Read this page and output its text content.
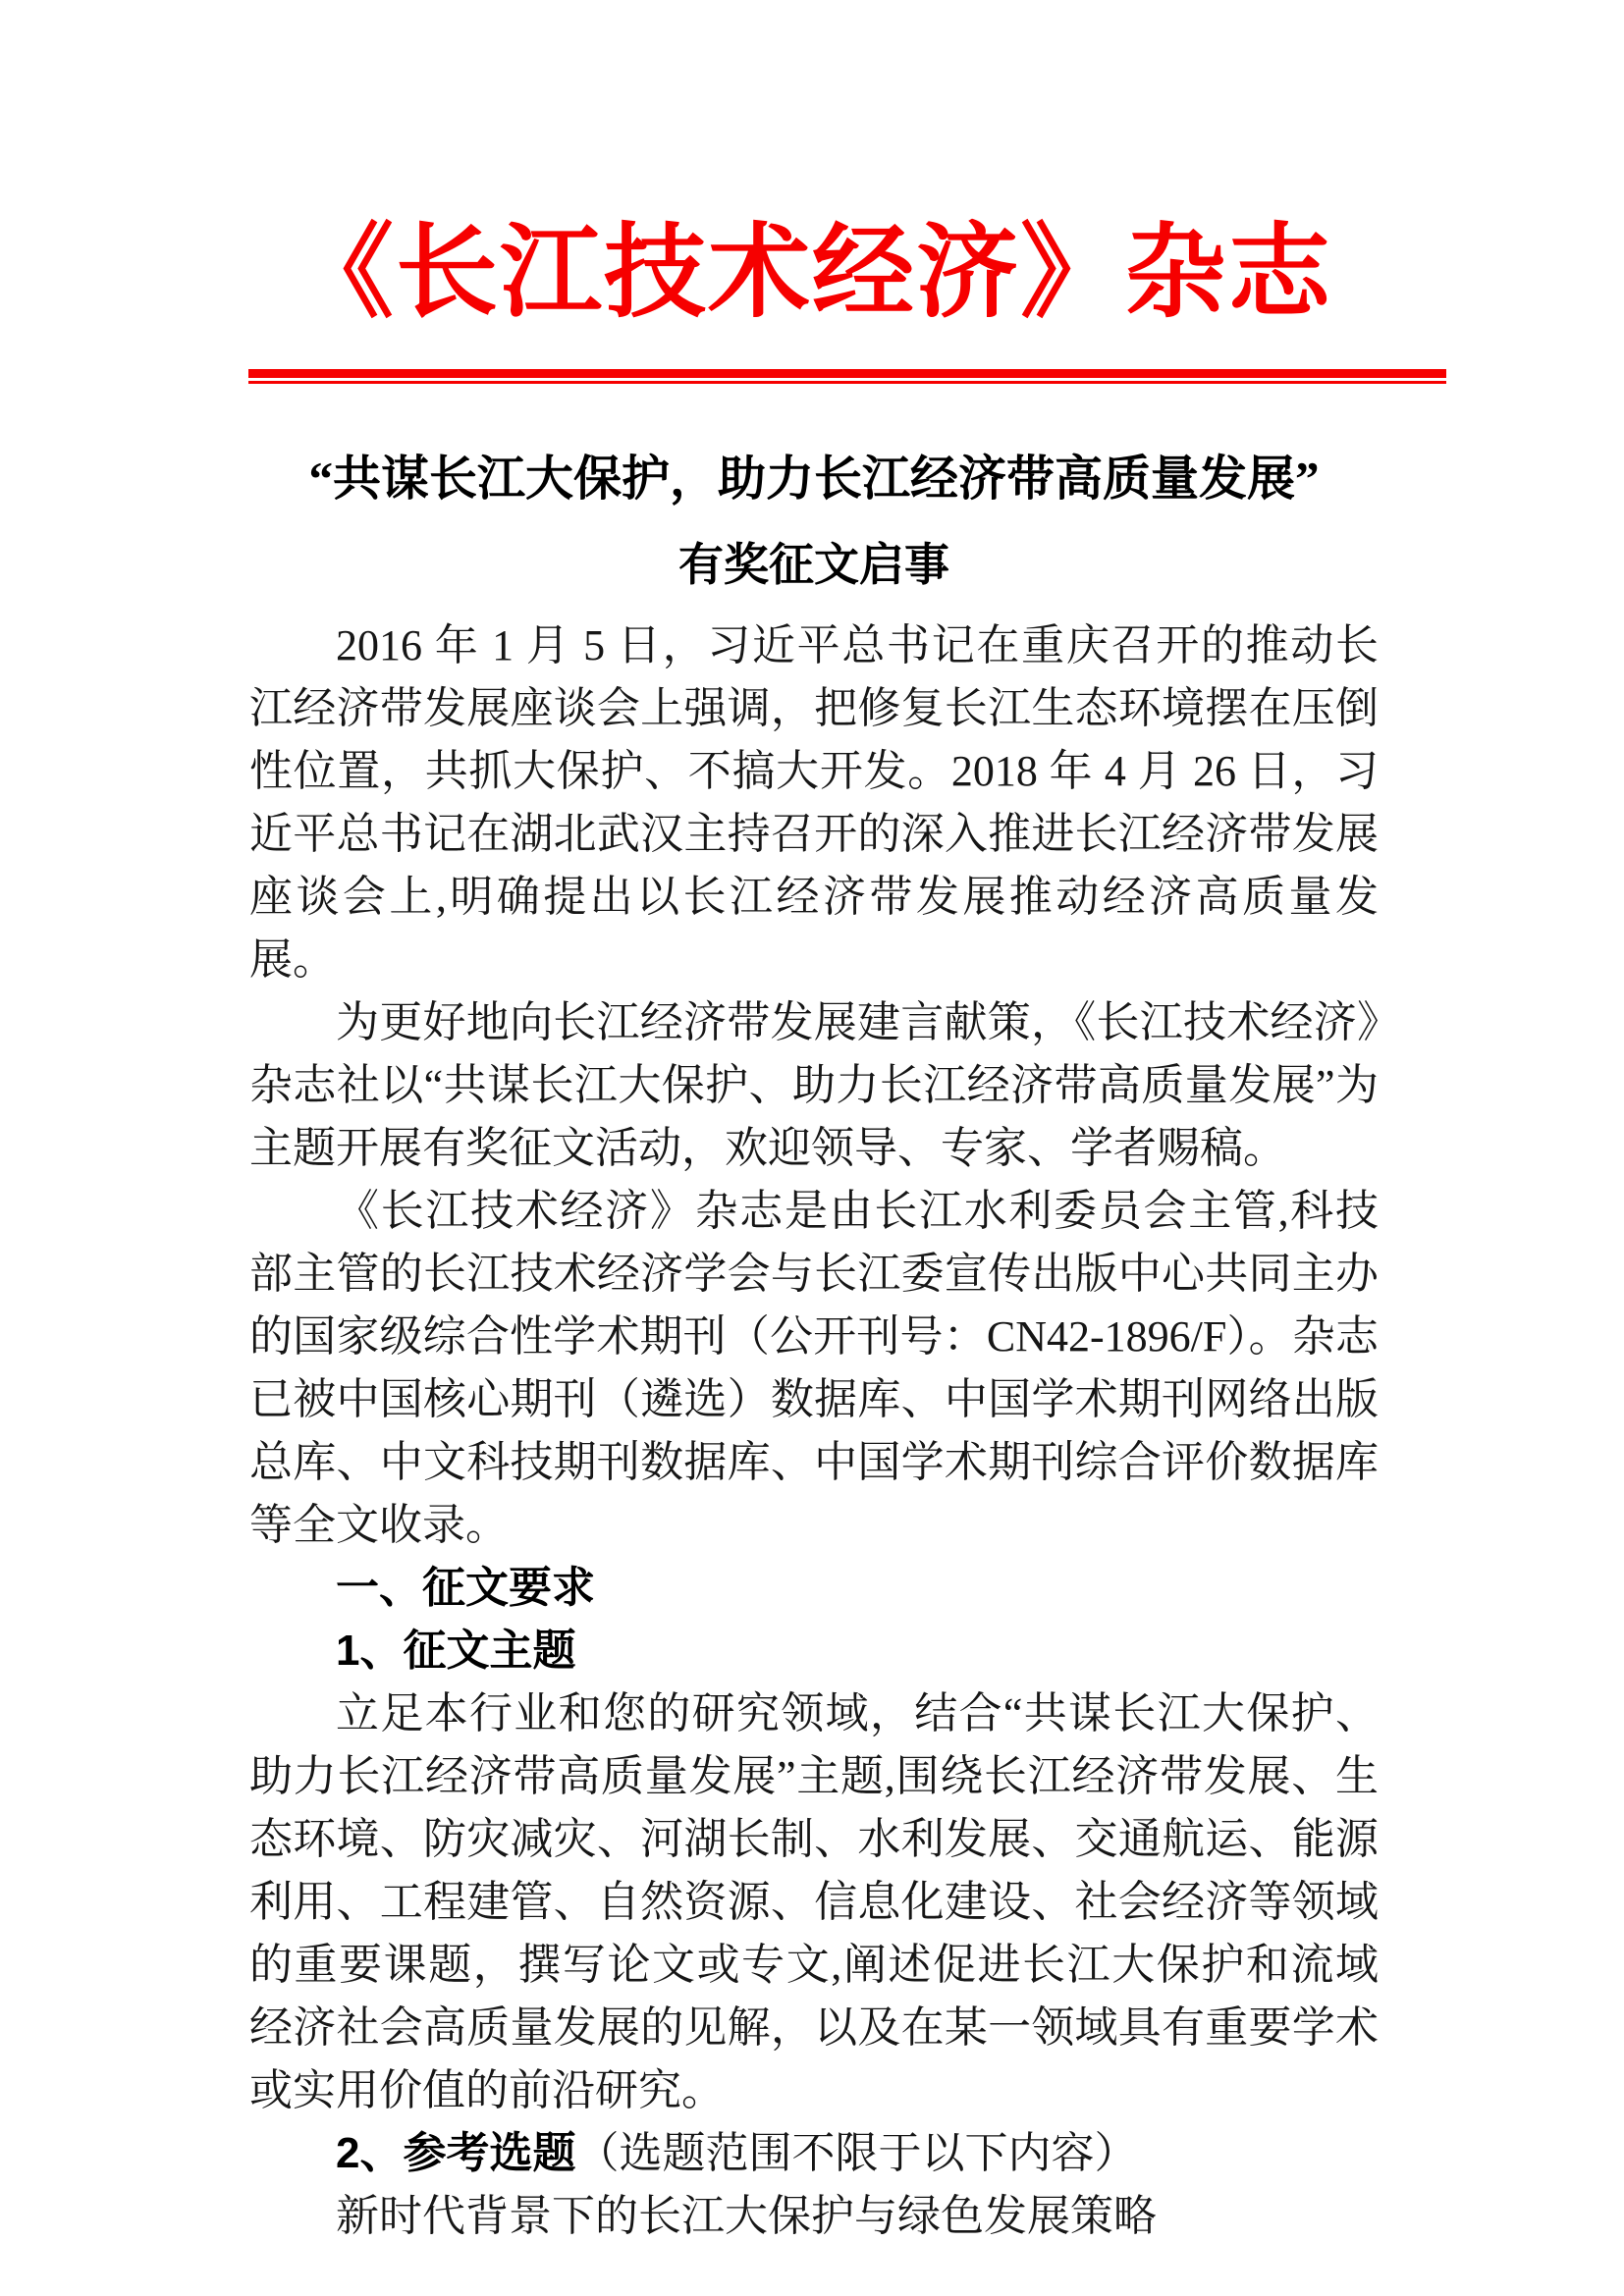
《长江技术经济》杂志
“共谋长江大保护，助力长江经济带高质量发展”
有奖征文启事

2016 年 1 月 5 日，习近平总书记在重庆召开的推动长江经济带发展座谈会上强调，把修复长江生态环境摆在压倒性位置，共抓大保护、不搞大开发。2018 年 4 月 26 日，习近平总书记在湖北武汉主持召开的深入推进长江经济带发展座谈会上,明确提出以长江经济带发展推动经济高质量发展。

为更好地向长江经济带发展建言献策，《长江技术经济》杂志社以“共谋长江大保护、助力长江经济带高质量发展”为主题开展有奖征文活动，欢迎领导、专家、学者赐稿。

《长江技术经济》杂志是由长江水利委员会主管,科技部主管的长江技术经济学会与长江委宣传出版中心共同主办的国家级综合性学术期刊（公开刊号：CN42-1896/F）。杂志已被中国核心期刊（遴选）数据库、中国学术期刊网络出版总库、中文科技期刊数据库、中国学术期刊综合评价数据库等全文收录。

一、征文要求
1、征文主题

立足本行业和您的研究领域，结合“共谋长江大保护、助力长江经济带高质量发展”主题,围绕长江经济带发展、生态环境、防灾减灾、河湖长制、水利发展、交通航运、能源利用、工程建管、自然资源、信息化建设、社会经济等领域的重要课题，撰写论文或专文,阐述促进长江大保护和流域经济社会高质量发展的见解，以及在某一领域具有重要学术或实用价值的前沿研究。

2、参考选题（选题范围不限于以下内容）

新时代背景下的长江大保护与绿色发展策略
